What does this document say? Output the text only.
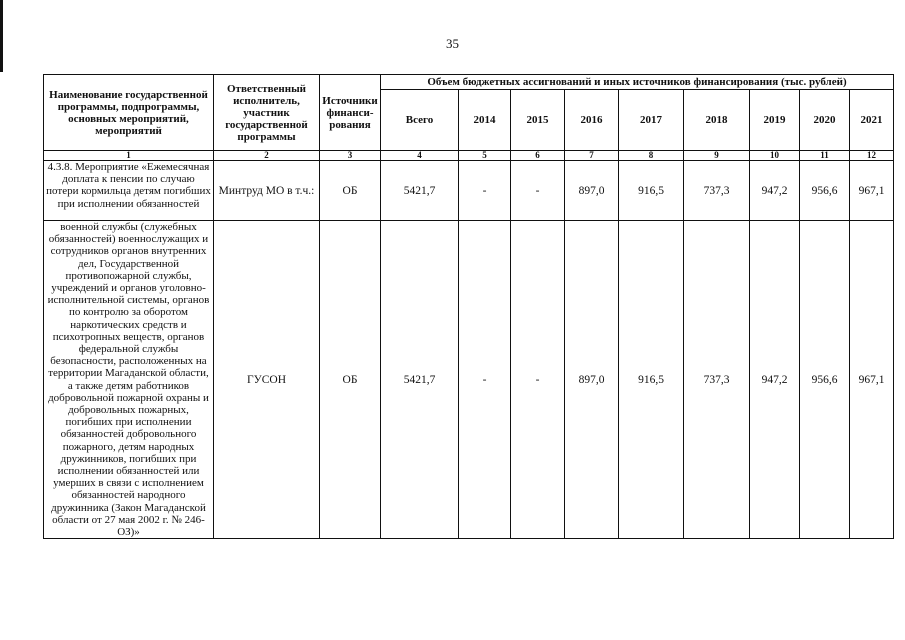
35
Наименование государственной программы, подпрограммы, основных мероприятий, мероприятий	Ответственный исполнитель, участник государственной программы	Источники финанси-рования	Объем бюджетных ассигнований и иных источников финансирования (тыс. рублей)								
			Всего	2014	2015	2016	2017	2018	2019	2020	2021
1	2	3	4	5	6	7	8	9	10	11	12
4.3.8. Мероприятие «Ежемесячная доплата к пенсии по случаю потери кормильца детям погибших при исполнении обязанностей	Минтруд МО в т.ч.:	ОБ	5421,7	-	-	897,0	916,5	737,3	947,2	956,6	967,1
военной службы (служебных обязанностей) военнослужащих и сотрудников органов внутренних дел, Государственной противопожарной службы, учреждений и органов уголовно-исполнительной системы, органов по контролю за оборотом наркотических средств и психотропных веществ, органов федеральной службы безопасности, расположенных на территории Магаданской области, а также детям работников добровольной пожарной охраны и добровольных пожарных, погибших при исполнении обязанностей добровольного пожарного, детям народных дружинников, погибших при исполнении обязанностей или умерших в связи с исполнением обязанностей народного дружинника (Закон Магаданской области от 27 мая 2002 г. № 246-ОЗ)»	ГУСОН	ОБ	5421,7	-	-	897,0	916,5	737,3	947,2	956,6	967,1
